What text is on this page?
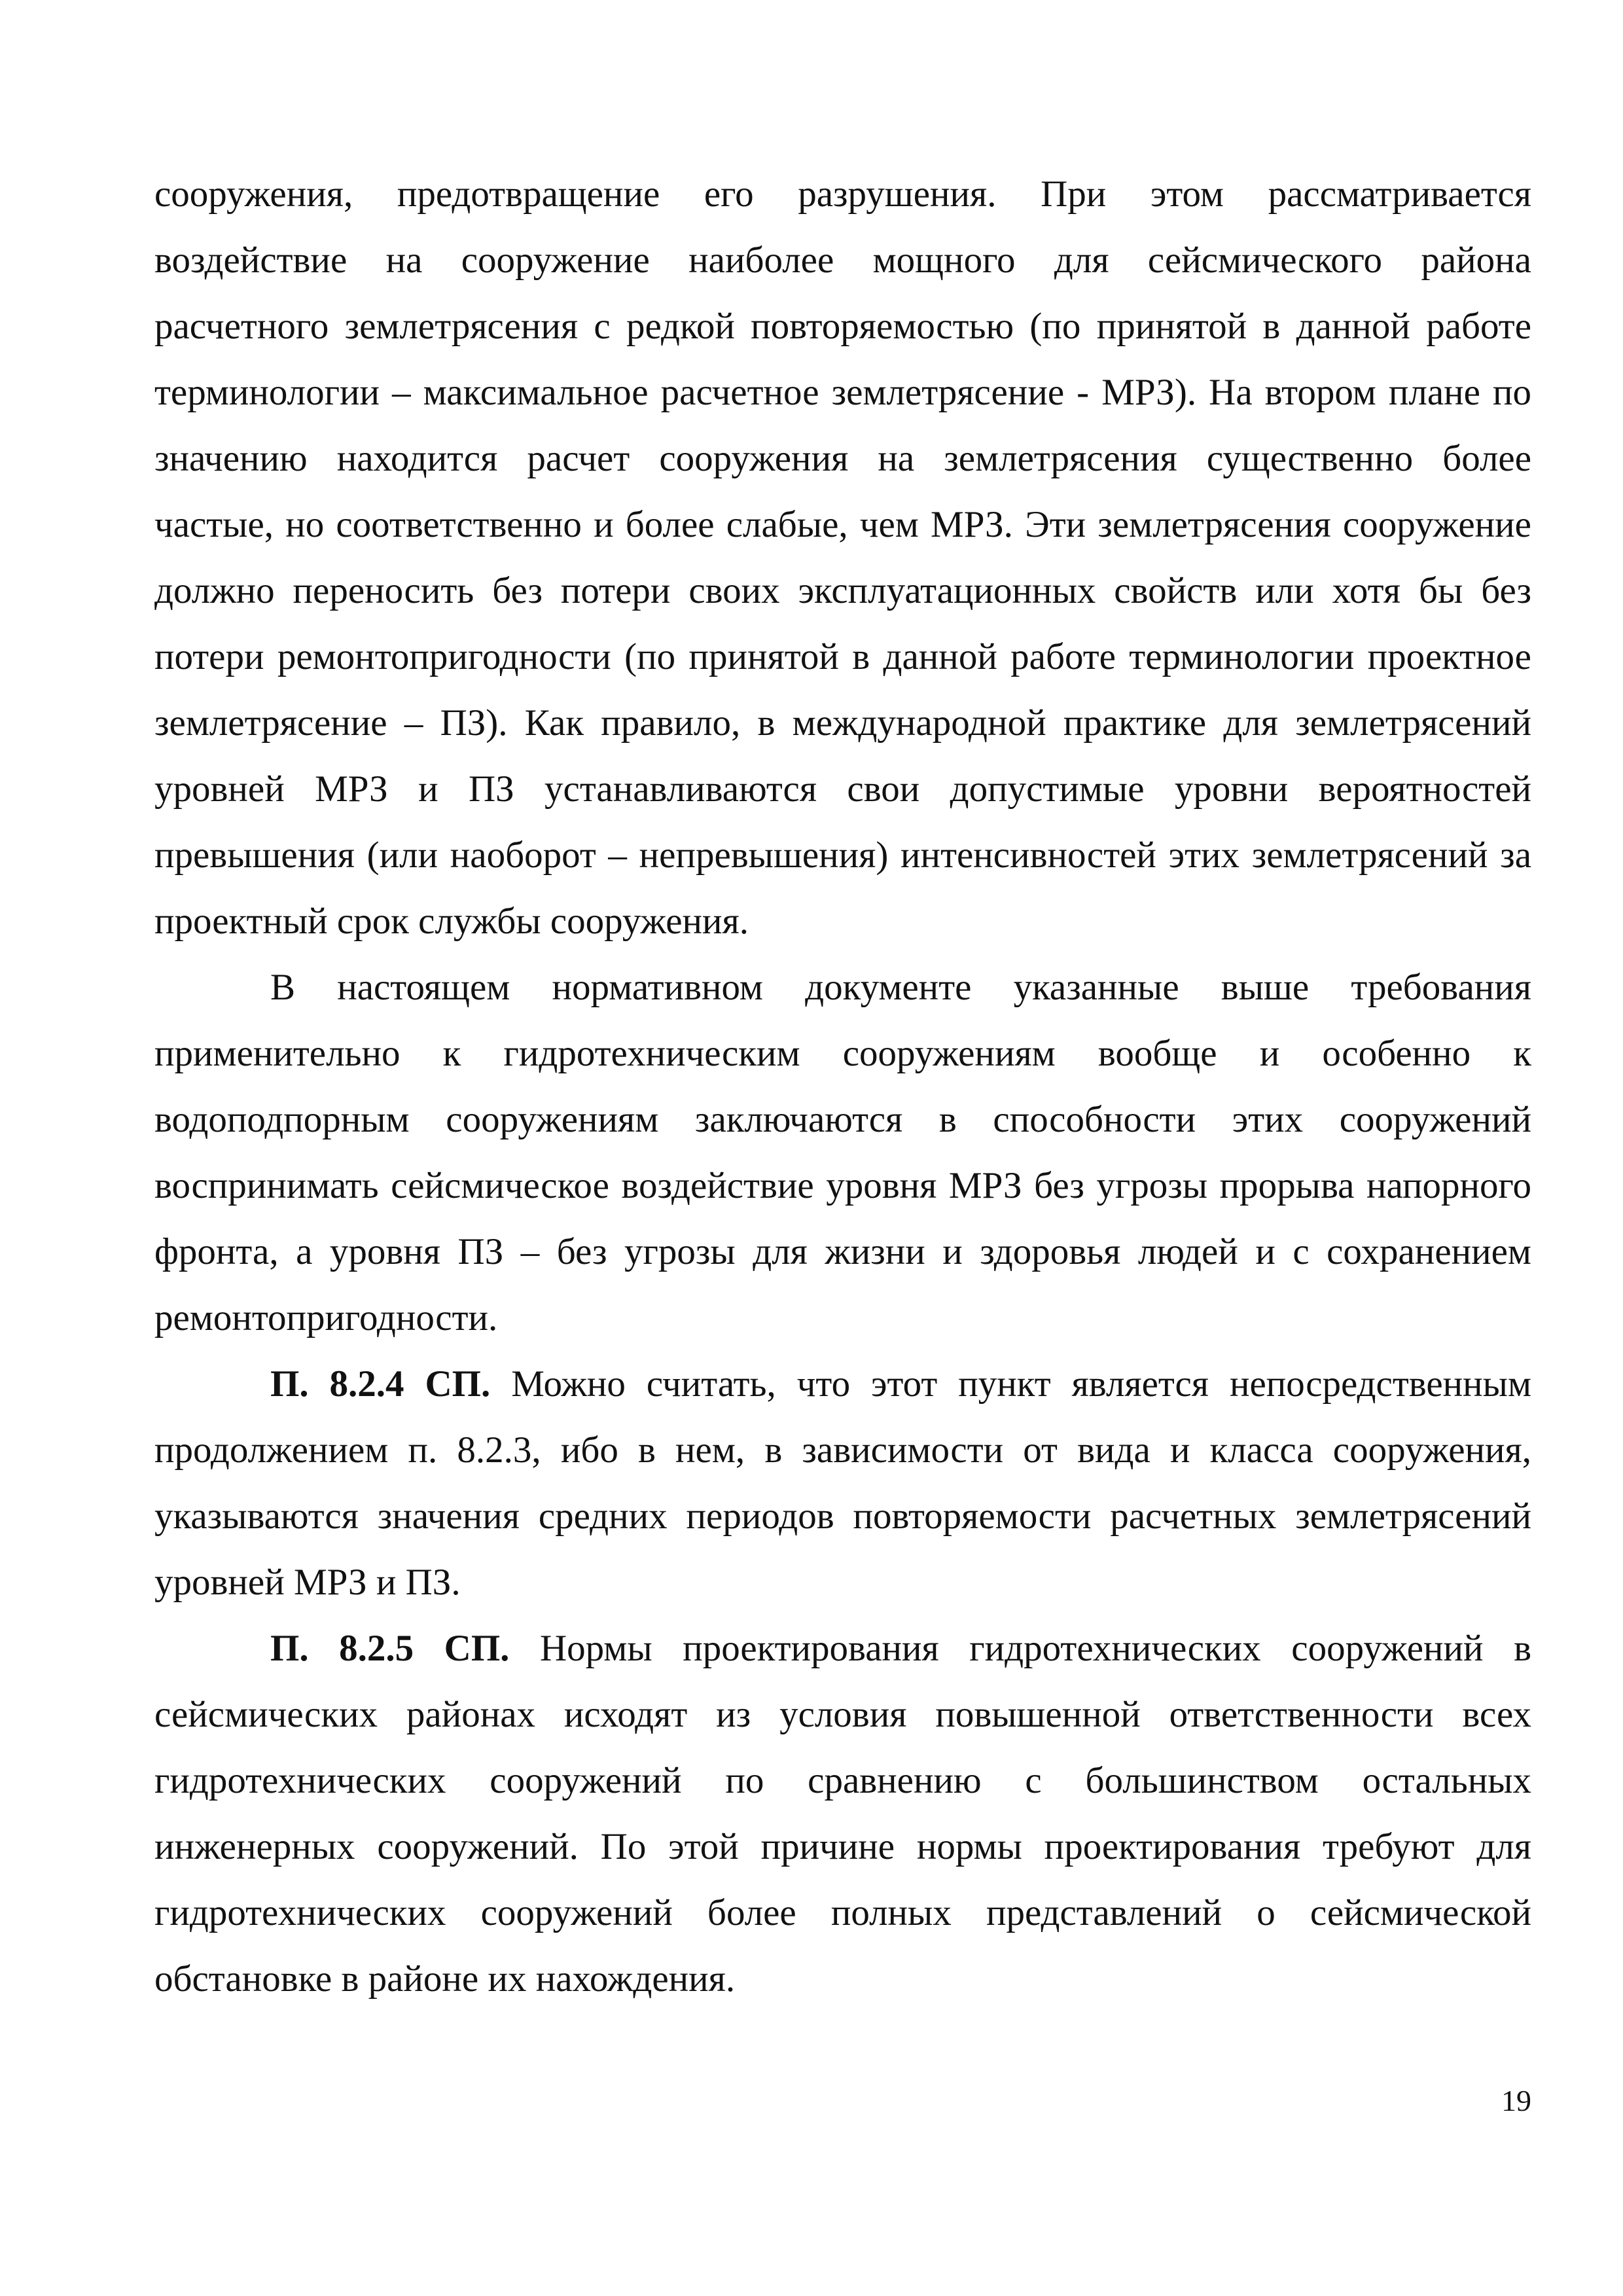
сооружения, предотвращение его разрушения. При этом рассматривается
воздействие на сооружение наиболее мощного для сейсмического района
расчетного землетрясения с редкой повторяемостью (по принятой в данной работе
терминологии – максимальное расчетное землетрясение - МРЗ). На втором плане по
значению находится расчет сооружения на землетрясения существенно более
частые, но соответственно и более слабые, чем МРЗ. Эти землетрясения сооружение
должно переносить без потери своих эксплуатационных свойств или хотя бы без
потери ремонтопригодности (по принятой в данной работе терминологии проектное
землетрясение – ПЗ). Как правило, в международной практике для землетрясений
уровней МРЗ и ПЗ устанавливаются свои допустимые уровни вероятностей
превышения (или наоборот – непревышения) интенсивностей этих землетрясений за
проектный срок службы сооружения.
В настоящем нормативном документе указанные выше требования
применительно к гидротехническим сооружениям вообще и особенно к
водоподпорным сооружениям заключаются в способности этих сооружений
воспринимать сейсмическое воздействие уровня МРЗ без угрозы прорыва напорного
фронта, а уровня ПЗ – без угрозы для жизни и здоровья людей и с сохранением
ремонтопригодности.
П. 8.2.4 СП. Можно считать, что этот пункт является непосредственным
продолжением п. 8.2.3, ибо в нем, в зависимости от вида и класса сооружения,
указываются значения средних периодов повторяемости расчетных землетрясений
уровней МРЗ и ПЗ.
П. 8.2.5 СП. Нормы проектирования гидротехнических сооружений в
сейсмических районах исходят из условия повышенной ответственности всех
гидротехнических сооружений по сравнению с большинством остальных
инженерных сооружений. По этой причине нормы проектирования требуют для
гидротехнических сооружений более полных представлений о сейсмической
обстановке в районе их нахождения.
19
